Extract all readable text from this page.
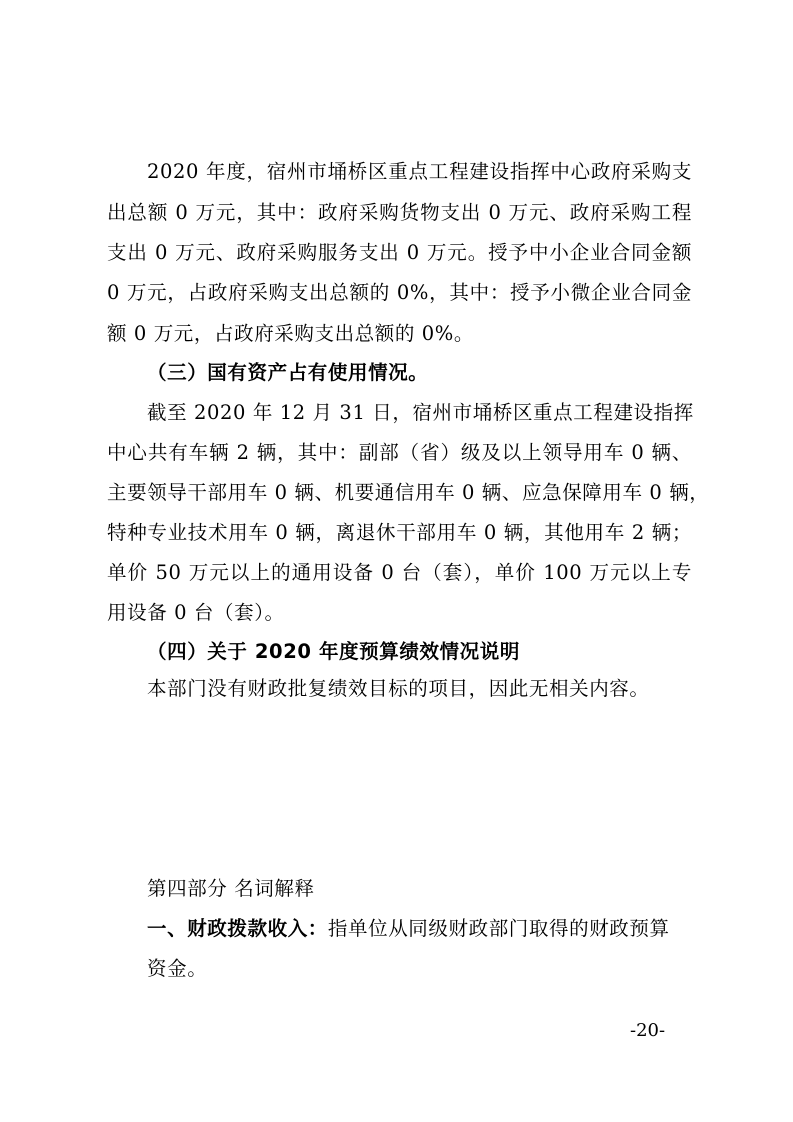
2020 年度，宿州市埇桥区重点工程建设指挥中心政府采购支
出总额 0 万元，其中：政府采购货物支出 0 万元、政府采购工程
支出 0 万元、政府采购服务支出 0 万元。授予中小企业合同金额
0 万元，占政府采购支出总额的 0%，其中：授予小微企业合同金
额 0 万元，占政府采购支出总额的 0%。
（三）国有资产占有使用情况。
截至 2020 年 12 月 31 日，宿州市埇桥区重点工程建设指挥
中心共有车辆 2 辆，其中：副部（省）级及以上领导用车 0 辆、
主要领导干部用车 0 辆、机要通信用车 0 辆、应急保障用车 0 辆，
特种专业技术用车 0 辆，离退休干部用车 0 辆，其他用车 2 辆；
单价 50 万元以上的通用设备 0 台（套），单价 100 万元以上专
用设备 0 台（套）。
（四）关于 2020 年度预算绩效情况说明
本部门没有财政批复绩效目标的项目，因此无相关内容。
第四部分 名词解释
一、财政拨款收入：指单位从同级财政部门取得的财政预算
资金。
-20-
